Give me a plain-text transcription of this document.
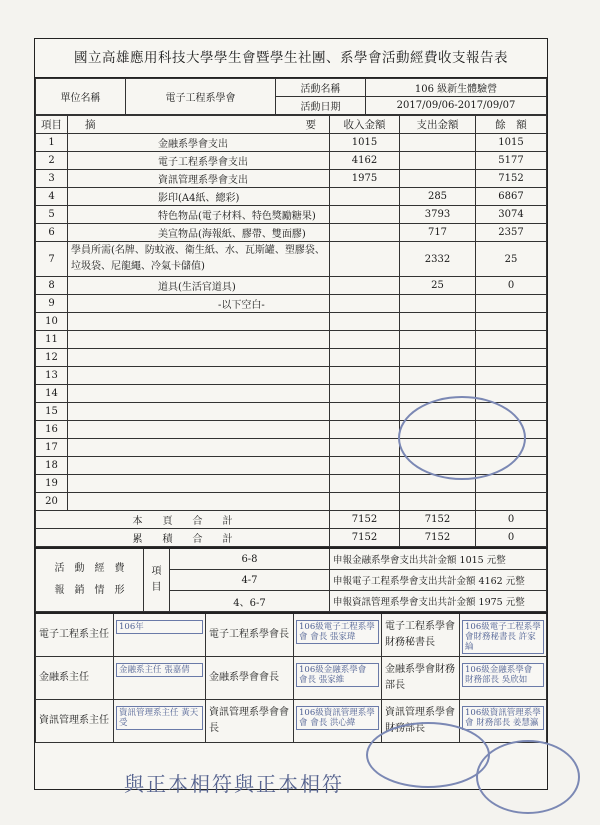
國立高雄應用科技大學學生會暨學生社團、系學會活動經費收支報告表
單位名稱	電子工程系學會	活動名稱	106 級新生體驗營
		活動日期	2017/09/06-2017/09/07
項目	摘 要	收入金額	支出金額	餘　額
1	金融系學會支出	1015		1015
2	電子工程系學會支出	4162		5177
3	資訊管理系學會支出	1975		7152
4	影印(A4紙、總彩)		285	6867
5	特色物品(電子材料、特色獎勵糖果)		3793	3074
6	美宣物品(海報紙、膠帶、雙面膠)		717	2357
7	學員所需(名牌、防蚊液、衛生紙、水、瓦斯罐、塑膠袋、垃圾袋、尼龍繩、冷氣卡儲值)		2332	25
8	道具(生活官道具)		25	0
9	-以下空白-			
10				
11				
12				
13				
14				
15				
16				
17				
18				
19				
20				
本　　頁　　合　　計		7152	7152	0
累　　積　　合　　計		7152	7152	0
活　動　經　費
報　銷　情　形	項　目	6-8	申報金融系學會支出共計金額 1015 元整
		4-7	申報電子工程系學會支出共計金額 4162 元整
		4、6-7	申報資訊管理系學會支出共計金額 1975 元整
電子工程系主任	106年	電子工程系學會長	106級電子工程系學會 會長 張家瑋	電子工程系學會財務秘書長	106級電子工程系學會財務秘書長 許家綸

金融系主任	金融系主任 張嘉倩	金融系學會會長	106級金融系學會 會長 張家維	金融系學會財務部長	106級金融系學會 財務部長 吳欣如

資訊管理系主任	資訊管理系主任 黃天受	資訊管理系學會會長	106級資訊管理系學會 會長 洪心緯	資訊管理系學會財務部長	106級資訊管理系學會 財務部長 姜慧瀛
與正本相符與正本相符
